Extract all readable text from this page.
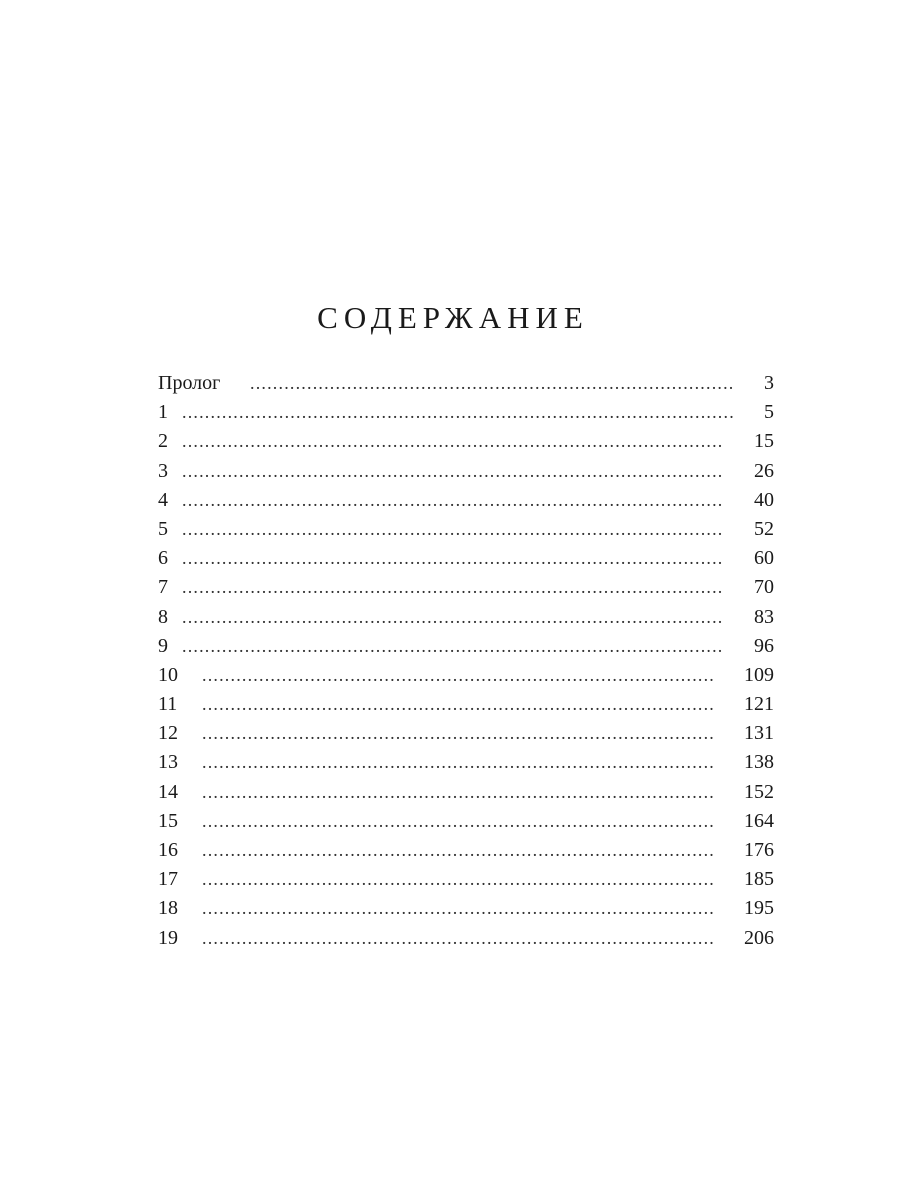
СОДЕРЖАНИЕ
Пролог .....................................................................................	3
1 .................................................................................................	5
2 ...............................................................................................	15
3 ...............................................................................................	26
4 ...............................................................................................	40
5 ...............................................................................................	52
6 ...............................................................................................	60
7 ...............................................................................................	70
8 ...............................................................................................	83
9 ...............................................................................................	96
10 ..........................................................................................	109
11 ..........................................................................................	121
12 ..........................................................................................	131
13 ..........................................................................................	138
14 ..........................................................................................	152
15 ..........................................................................................	164
16 ..........................................................................................	176
17 ..........................................................................................	185
18 ..........................................................................................	195
19 ..........................................................................................	206
